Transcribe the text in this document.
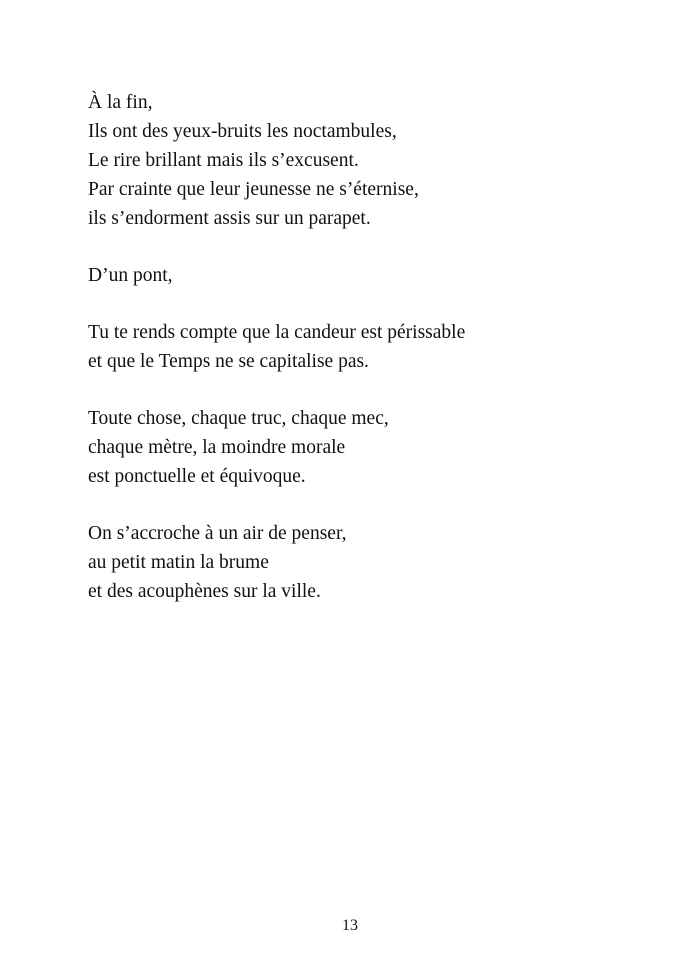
À la fin,
Ils ont des yeux-bruits les noctambules,
Le rire brillant mais ils s’excusent.
Par crainte que leur jeunesse ne s’éternise,
ils s’endorment assis sur un parapet.
D’un pont,
Tu te rends compte que la candeur est périssable
et que le Temps ne se capitalise pas.
Toute chose, chaque truc, chaque mec,
chaque mètre, la moindre morale
est ponctuelle et équivoque.
On s’accroche à un air de penser,
au petit matin la brume
et des acouphènes sur la ville.
13
